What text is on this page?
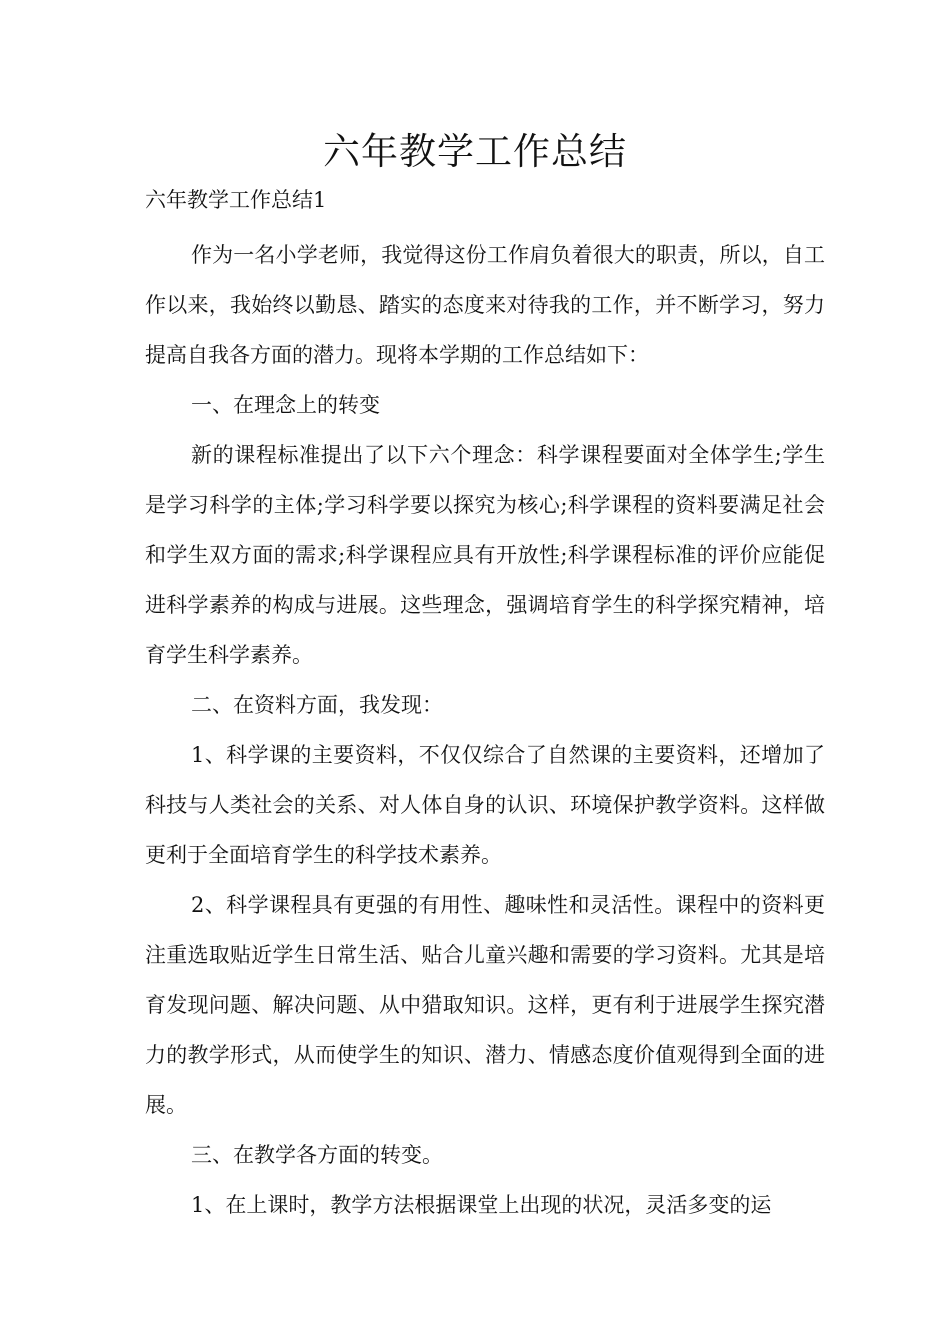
六年教学工作总结

六年教学工作总结1

作为一名小学老师，我觉得这份工作肩负着很大的职责，所以，自工作以来，我始终以勤恳、踏实的态度来对待我的工作，并不断学习，努力提高自我各方面的潜力。现将本学期的工作总结如下：

一、在理念上的转变

新的课程标准提出了以下六个理念：科学课程要面对全体学生;学生是学习科学的主体;学习科学要以探究为核心;科学课程的资料要满足社会和学生双方面的需求;科学课程应具有开放性;科学课程标准的评价应能促进科学素养的构成与进展。这些理念，强调培育学生的科学探究精神，培育学生科学素养。

二、在资料方面，我发现：

1、科学课的主要资料，不仅仅综合了自然课的主要资料，还增加了科技与人类社会的关系、对人体自身的认识、环境保护教学资料。这样做更利于全面培育学生的科学技术素养。

2、科学课程具有更强的有用性、趣味性和灵活性。课程中的资料更注重选取贴近学生日常生活、贴合儿童兴趣和需要的学习资料。尤其是培育发现问题、解决问题、从中猎取知识。这样，更有利于进展学生探究潜力的教学形式，从而使学生的知识、潜力、情感态度价值观得到全面的进展。

三、在教学各方面的转变。

1、在上课时，教学方法根据课堂上出现的状况，灵活多变的运
